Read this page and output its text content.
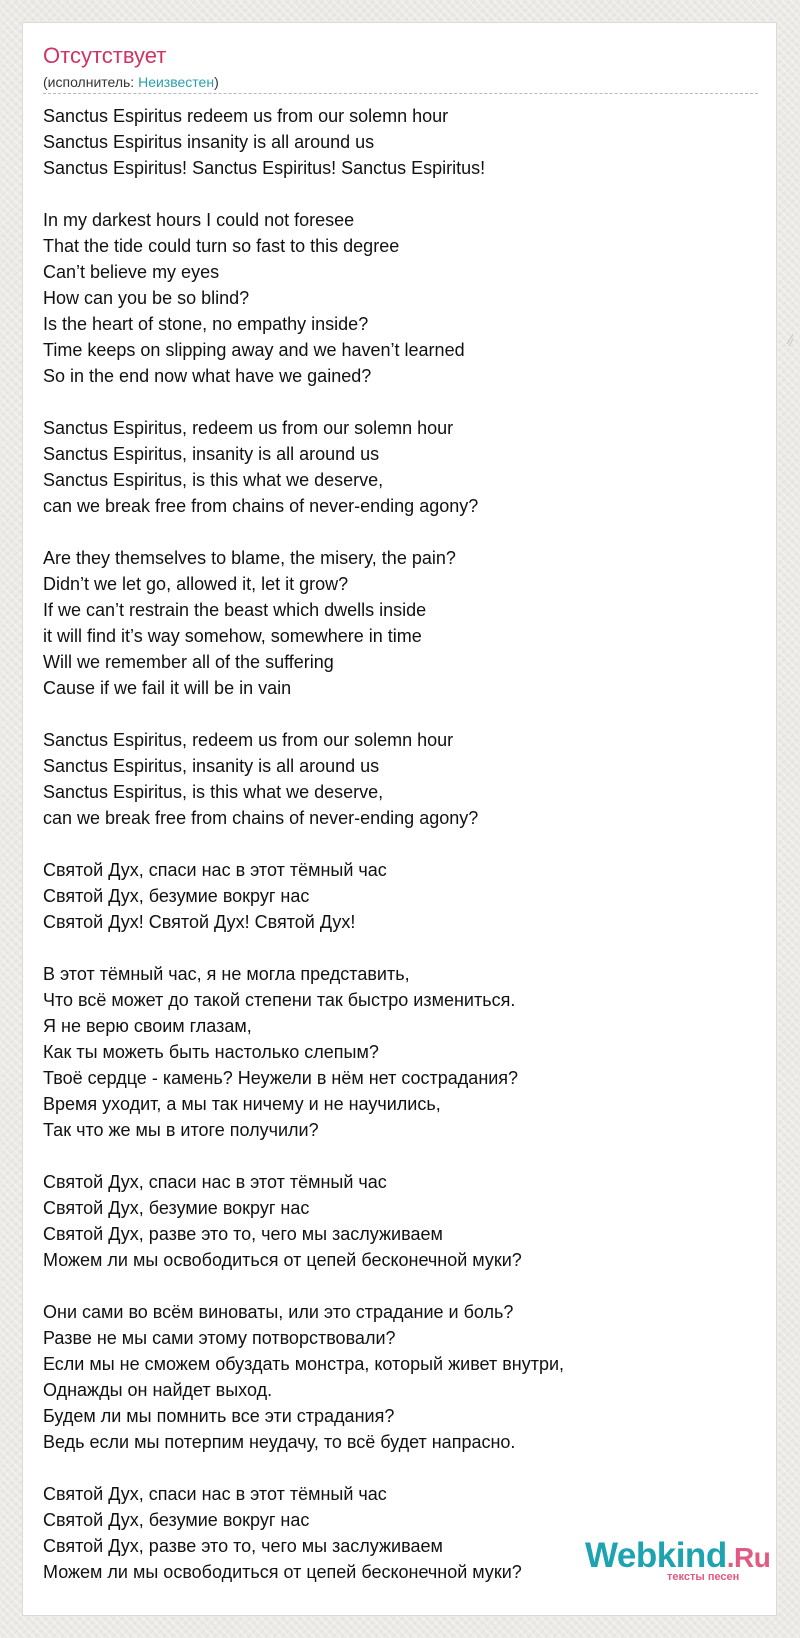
Отсутствует
(исполнитель: Неизвестен)
Sanctus Espiritus redeem us from our solemn hour
Sanctus Espiritus insanity is all around us
Sanctus Espiritus! Sanctus Espiritus! Sanctus Espiritus!
In my darkest hours I could not foresee
That the tide could turn so fast to this degree
Can’t believe my eyes
How can you be so blind?
Is the heart of stone, no empathy inside?
Time keeps on slipping away and we haven’t learned
So in the end now what have we gained?
Sanctus Espiritus, redeem us from our solemn hour
Sanctus Espiritus, insanity is all around us
Sanctus Espiritus, is this what we deserve,
can we break free from chains of never-ending agony?
Are they themselves to blame, the misery, the pain?
Didn’t we let go, allowed it, let it grow?
If we can’t restrain the beast which dwells inside
it will find it’s way somehow, somewhere in time
Will we remember all of the suffering
Cause if we fail it will be in vain
Sanctus Espiritus, redeem us from our solemn hour
Sanctus Espiritus, insanity is all around us
Sanctus Espiritus, is this what we deserve,
can we break free from chains of never-ending agony?
Святой Дух, спаси нас в этот тёмный час
Святой Дух, безумие вокруг нас
Святой Дух! Святой Дух! Святой Дух!
В этот тёмный час, я не могла представить,
Что всё может до такой степени так быстро измениться.
Я не верю своим глазам,
Как ты можеть быть настолько слепым?
Твоё сердце - камень? Неужели в нём нет сострадания?
Время уходит, а мы так ничему и не научились,
Так что же мы в итоге получили?
Святой Дух, спаси нас в этот тёмный час
Святой Дух, безумие вокруг нас
Святой Дух, разве это то, чего мы заслуживаем
Можем ли мы освободиться от цепей бесконечной муки?
Они сами во всём виноваты, или это страдание и боль?
Разве не мы сами этому потворствовали?
Если мы не сможем обуздать монстра, который живет внутри,
Однажды он найдет выход.
Будем ли мы помнить все эти страдания?
Ведь если мы потерпим неудачу, то всё будет напрасно.
Святой Дух, спаси нас в этот тёмный час
Святой Дух, безумие вокруг нас
Святой Дух, разве это то, чего мы заслуживаем
Можем ли мы освободиться от цепей бесконечной муки?	Webkind.Ru
тексты песен
